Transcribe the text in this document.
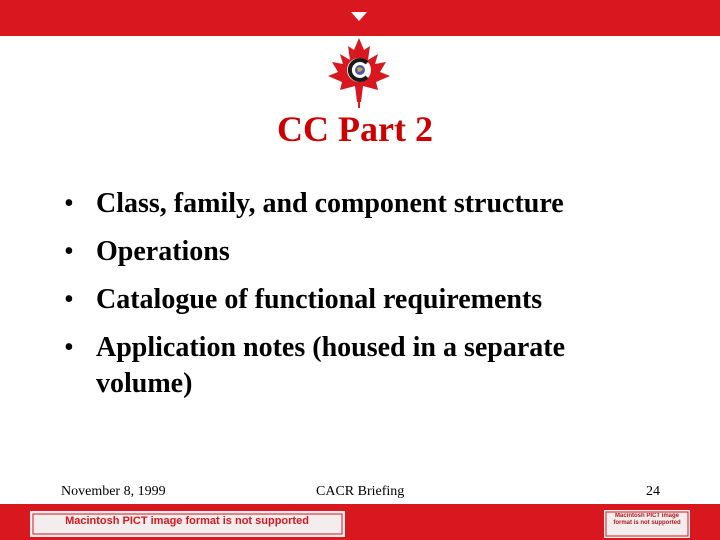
CC Part 2
• Class, family, and component structure
• Operations
• Catalogue of functional requirements
• Application notes (housed in a separate volume)
November 8, 1999	CACR Briefing	24
Macintosh PICT image format is not supported	Macintosh PICT image format is not supported
